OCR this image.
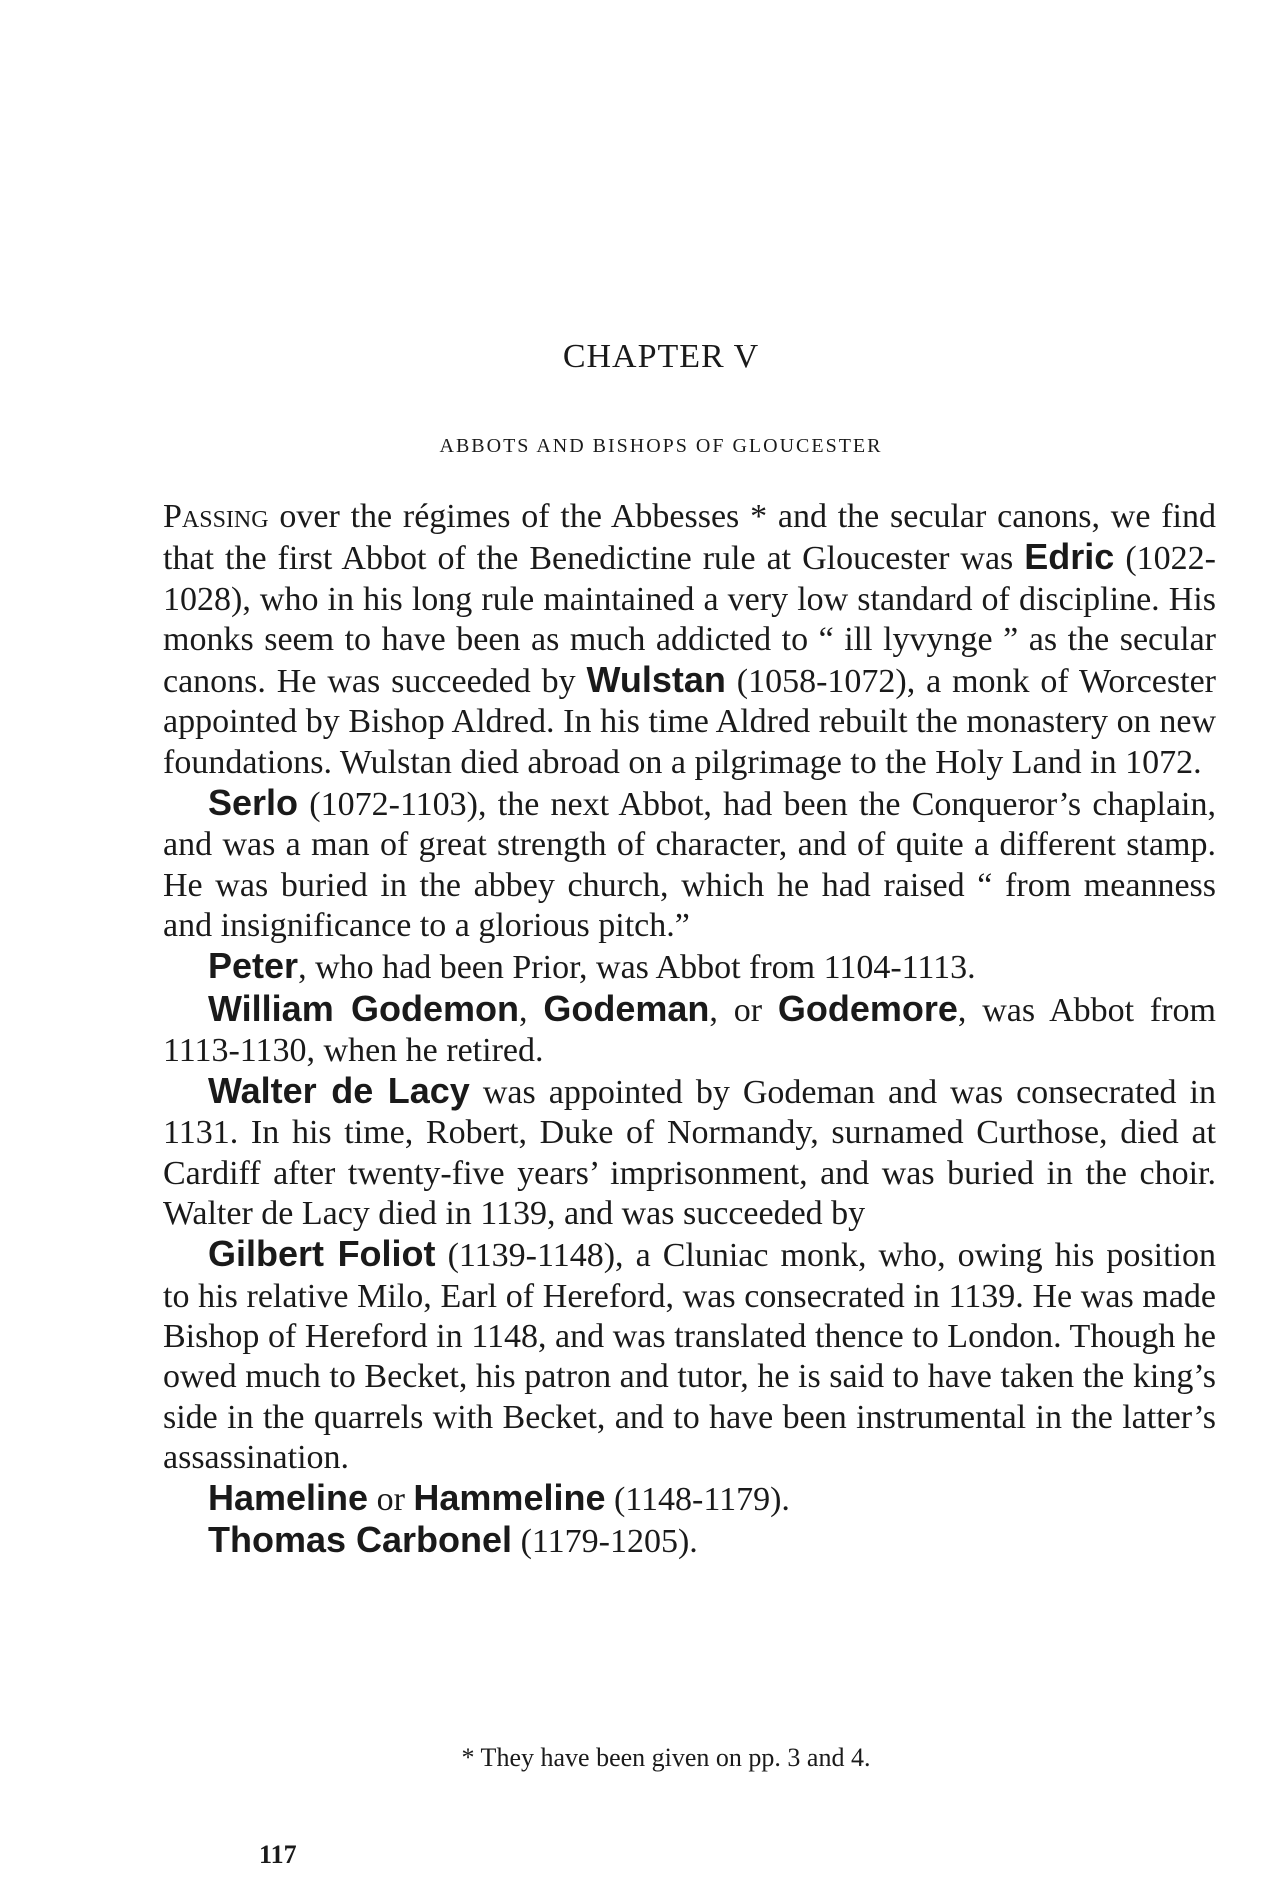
CHAPTER V
ABBOTS AND BISHOPS OF GLOUCESTER

Passing over the régimes of the Abbesses * and the secular canons, we find that the first Abbot of the Benedictine rule at Gloucester was Edric (1022-1028), who in his long rule maintained a very low standard of discipline. His monks seem to have been as much addicted to “ ill lyvynge ” as the secular canons. He was succeeded by Wulstan (1058-1072), a monk of Worcester appointed by Bishop Aldred. In his time Aldred rebuilt the monastery on new foundations. Wulstan died abroad on a pilgrimage to the Holy Land in 1072.

Serlo (1072-1103), the next Abbot, had been the Conqueror’s chaplain, and was a man of great strength of character, and of quite a different stamp. He was buried in the abbey church, which he had raised “ from meanness and insignificance to a glorious pitch.”

Peter, who had been Prior, was Abbot from 1104-1113.

William Godemon, Godeman, or Godemore, was Abbot from 1113-1130, when he retired.

Walter de Lacy was appointed by Godeman and was consecrated in 1131. In his time, Robert, Duke of Normandy, surnamed Curthose, died at Cardiff after twenty-five years’ imprisonment, and was buried in the choir. Walter de Lacy died in 1139, and was succeeded by

Gilbert Foliot (1139-1148), a Cluniac monk, who, owing his position to his relative Milo, Earl of Hereford, was consecrated in 1139. He was made Bishop of Hereford in 1148, and was translated thence to London. Though he owed much to Becket, his patron and tutor, he is said to have taken the king’s side in the quarrels with Becket, and to have been instrumental in the latter’s assassination.

Hameline or Hammeline (1148-1179).

Thomas Carbonel (1179-1205).

* They have been given on pp. 3 and 4.
117
